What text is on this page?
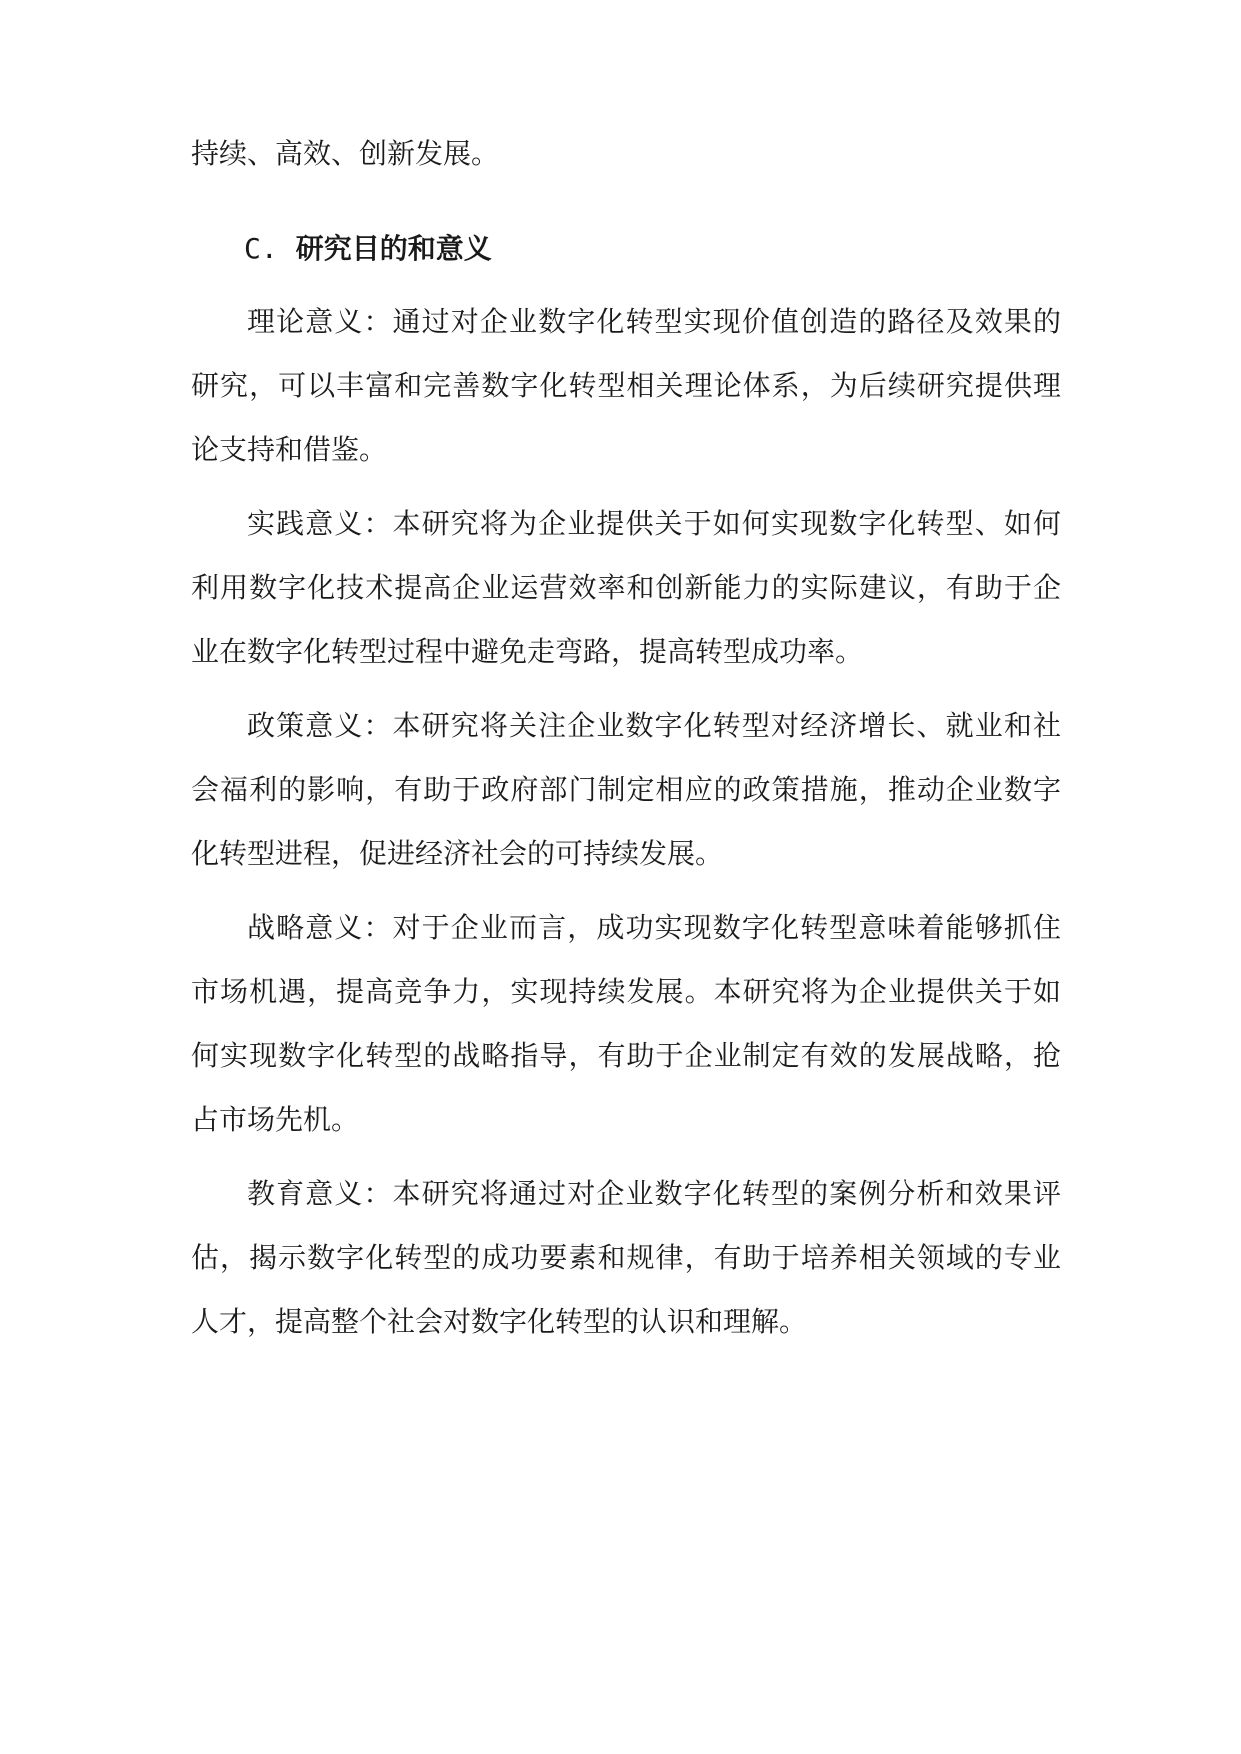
持续、高效、创新发展。
C. 研究目的和意义
理论意义：通过对企业数字化转型实现价值创造的路径及效果的
研究，可以丰富和完善数字化转型相关理论体系，为后续研究提供理
论支持和借鉴。
实践意义：本研究将为企业提供关于如何实现数字化转型、如何
利用数字化技术提高企业运营效率和创新能力的实际建议，有助于企
业在数字化转型过程中避免走弯路，提高转型成功率。
政策意义：本研究将关注企业数字化转型对经济增长、就业和社
会福利的影响，有助于政府部门制定相应的政策措施，推动企业数字
化转型进程，促进经济社会的可持续发展。
战略意义：对于企业而言，成功实现数字化转型意味着能够抓住
市场机遇，提高竞争力，实现持续发展。本研究将为企业提供关于如
何实现数字化转型的战略指导，有助于企业制定有效的发展战略，抢
占市场先机。
教育意义：本研究将通过对企业数字化转型的案例分析和效果评
估，揭示数字化转型的成功要素和规律，有助于培养相关领域的专业
人才，提高整个社会对数字化转型的认识和理解。
